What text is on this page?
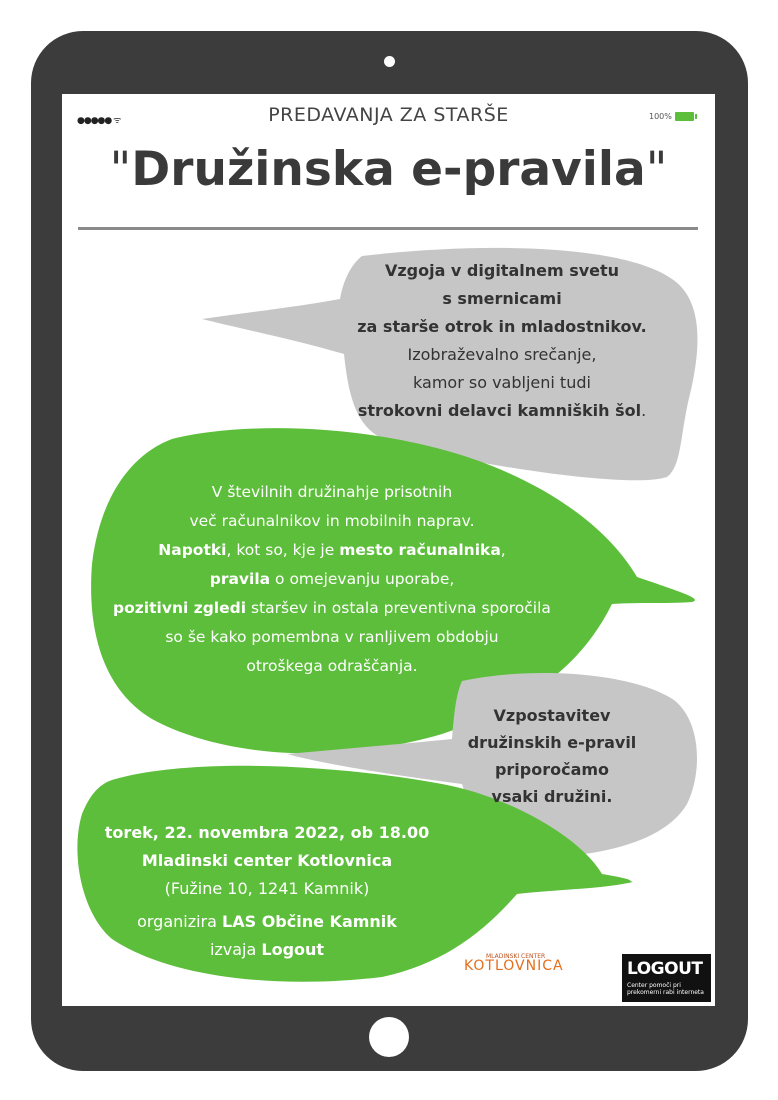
●●●●● ᯤ	PREDAVANJA ZA STARŠE	100%
"Družinska e-pravila"
Vzgoja v digitalnem svetu
s smernicami
za starše otrok in mladostnikov.
Izobraževalno srečanje,
kamor so vabljeni tudi
strokovni delavci kamniških šol.
V številnih družinahje prisotnih
več računalnikov in mobilnih naprav.
Napotki, kot so, kje je mesto računalnika,
pravila o omejevanju uporabe,
pozitivni zgledi staršev in ostala preventivna sporočila
so še kako pomembna v ranljivem obdobju
otroškega odraščanja.
Vzpostavitev
družinskih e-pravil
priporočamo
vsaki družini.
torek, 22. novembra 2022, ob 18.00
Mladinski center Kotlovnica
(Fužine 10, 1241 Kamnik)
organizira LAS Občine Kamnik
izvaja Logout	MLADINSKI CENTER
KOTLOVNICA	LOGOUT
Center pomoči pri prekomerni rabi interneta
